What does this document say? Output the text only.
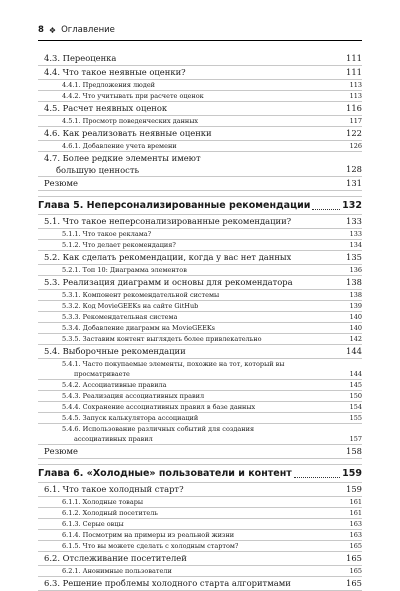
8 ❖ Оглавление
4.3. Переоценка	111
4.4. Что такое неявные оценки?	111
4.4.1. Предложения людей	113
4.4.2. Что учитывать при расчете оценок	113
4.5. Расчет неявных оценок	116
4.5.1. Просмотр поведенческих данных	117
4.6. Как реализовать неявные оценки	122
4.6.1. Добавление учета времени	126
4.7. Более редкие элементы имеют
большую ценность	128
Резюме	131
Глава 5. Неперсонализированные рекомендации	132
5.1. Что такое неперсонализированные рекомендации?	133
5.1.1. Что такое реклама?	133
5.1.2. Что делает рекомендация?	134
5.2. Как сделать рекомендации, когда у вас нет данных	135
5.2.1. Топ 10: Диаграмма элементов	136
5.3. Реализация диаграмм и основы для рекомендатора	138
5.3.1. Компонент рекомендательной системы	138
5.3.2. Код MovieGEEKs на сайте GitHub	139
5.3.3. Рекомендательная система	140
5.3.4. Добавление диаграмм на MovieGEEKs	140
5.3.5. Заставим контент выглядеть более привлекательно	142
5.4. Выборочные рекомендации	144
5.4.1. Часто покупаемые элементы, похожие на тот, который вы
просматриваете	144
5.4.2. Ассоциативные правила	145
5.4.3. Реализация ассоциативных правил	150
5.4.4. Сохранение ассоциативных правил в базе данных	154
5.4.5. Запуск калькулятора ассоциаций	155
5.4.6. Использование различных событий для создания
ассоциативных правил	157
Резюме	158
Глава 6. «Холодные» пользователи и контент	159
6.1. Что такое холодный старт?	159
6.1.1. Холодные товары	161
6.1.2. Холодный посетитель	161
6.1.3. Серые овцы	163
6.1.4. Посмотрим на примеры из реальной жизни	163
6.1.5. Что вы можете сделать с холодным стартом?	165
6.2. Отслеживание посетителей	165
6.2.1. Анонимные пользователи	165
6.3. Решение проблемы холодного старта алгоритмами	165
